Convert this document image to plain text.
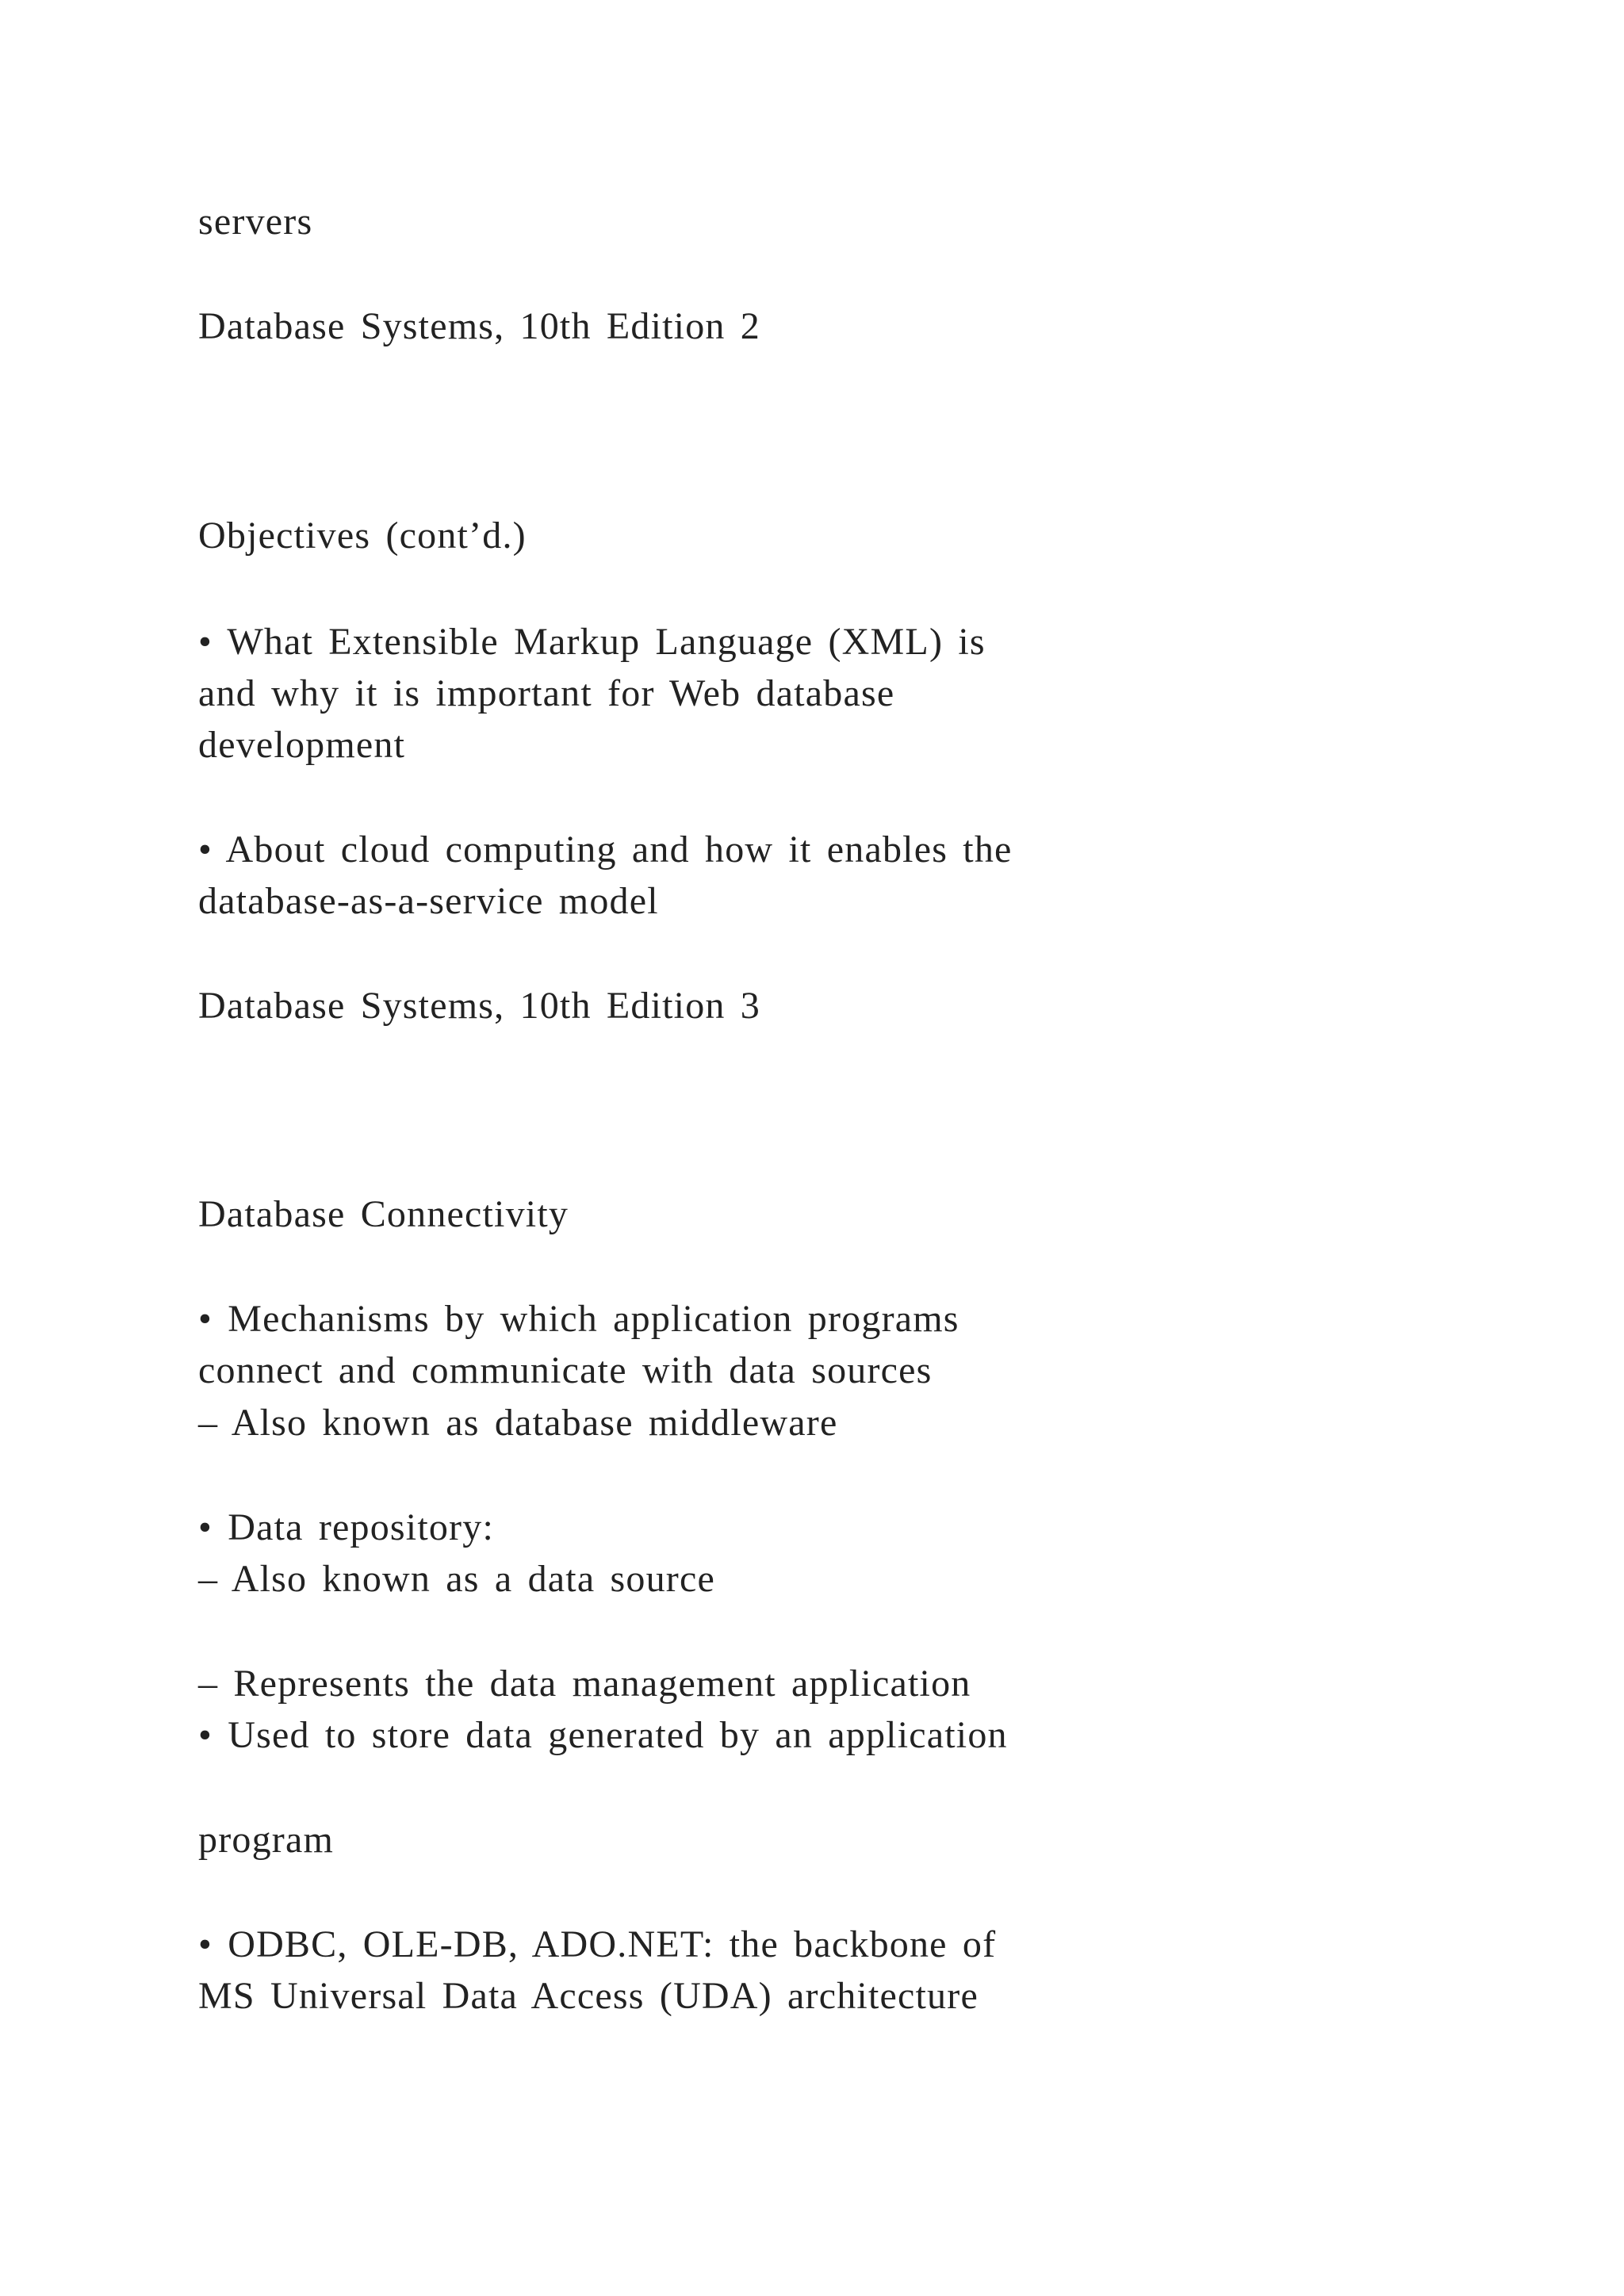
servers
Database Systems, 10th Edition 2
Objectives (cont’d.)
• What Extensible Markup Language (XML) is
and why it is important for Web database
development
• About cloud computing and how it enables the
database-as-a-service model
Database Systems, 10th Edition 3
Database Connectivity
• Mechanisms by which application programs
connect and communicate with data sources
– Also known as database middleware
• Data repository:
– Also known as a data source
– Represents the data management application
• Used to store data generated by an application
program
• ODBC, OLE-DB, ADO.NET: the backbone of
MS Universal Data Access (UDA) architecture
